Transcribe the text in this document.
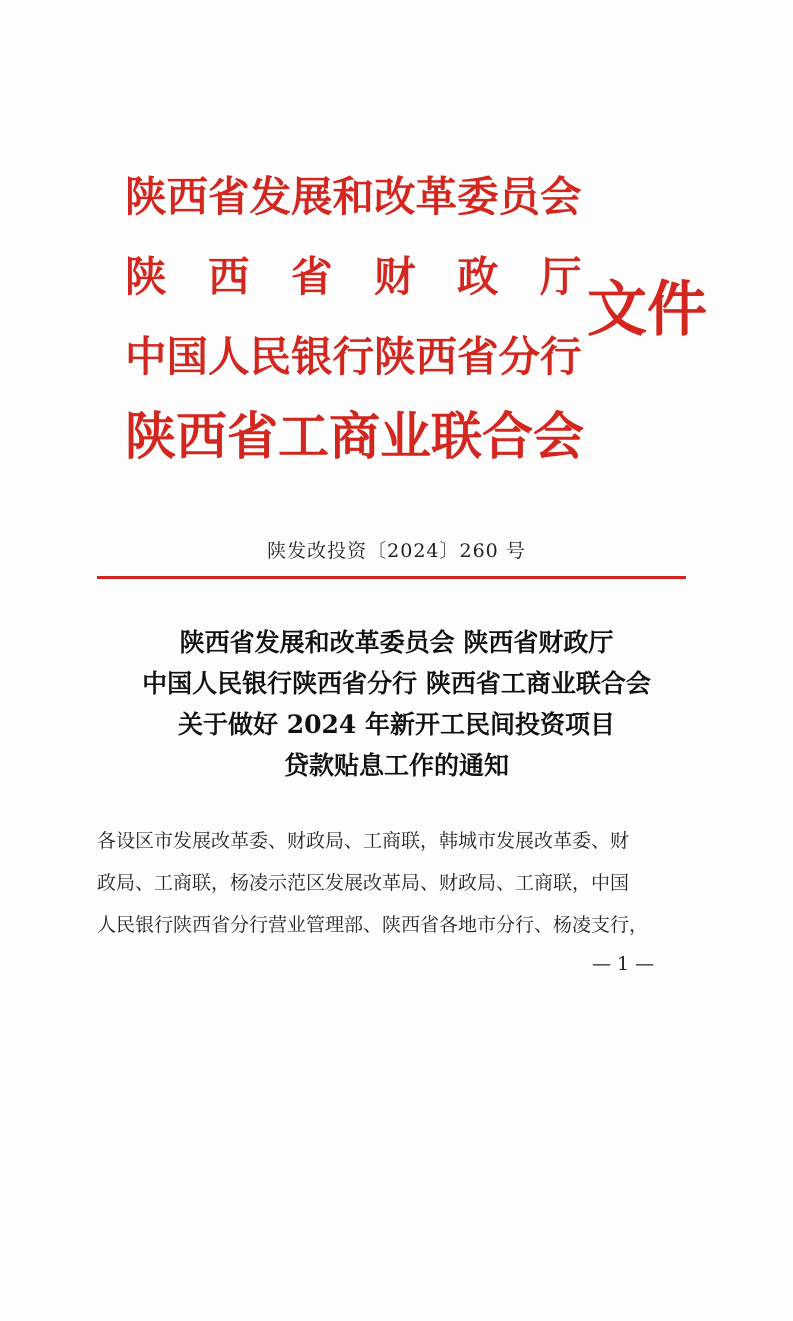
陕西省发展和改革委员会
陕　西　省　财　政　厅
中国人民银行陕西省分行
陕西省工商业联合会
文件
陕发改投资〔2024〕260 号
陕西省发展和改革委员会 陕西省财政厅
中国人民银行陕西省分行 陕西省工商业联合会
关于做好 2024 年新开工民间投资项目
贷款贴息工作的通知
各设区市发展改革委、财政局、工商联，韩城市发展改革委、财
政局、工商联，杨凌示范区发展改革局、财政局、工商联，中国
人民银行陕西省分行营业管理部、陕西省各地市分行、杨凌支行，
— 1 —
